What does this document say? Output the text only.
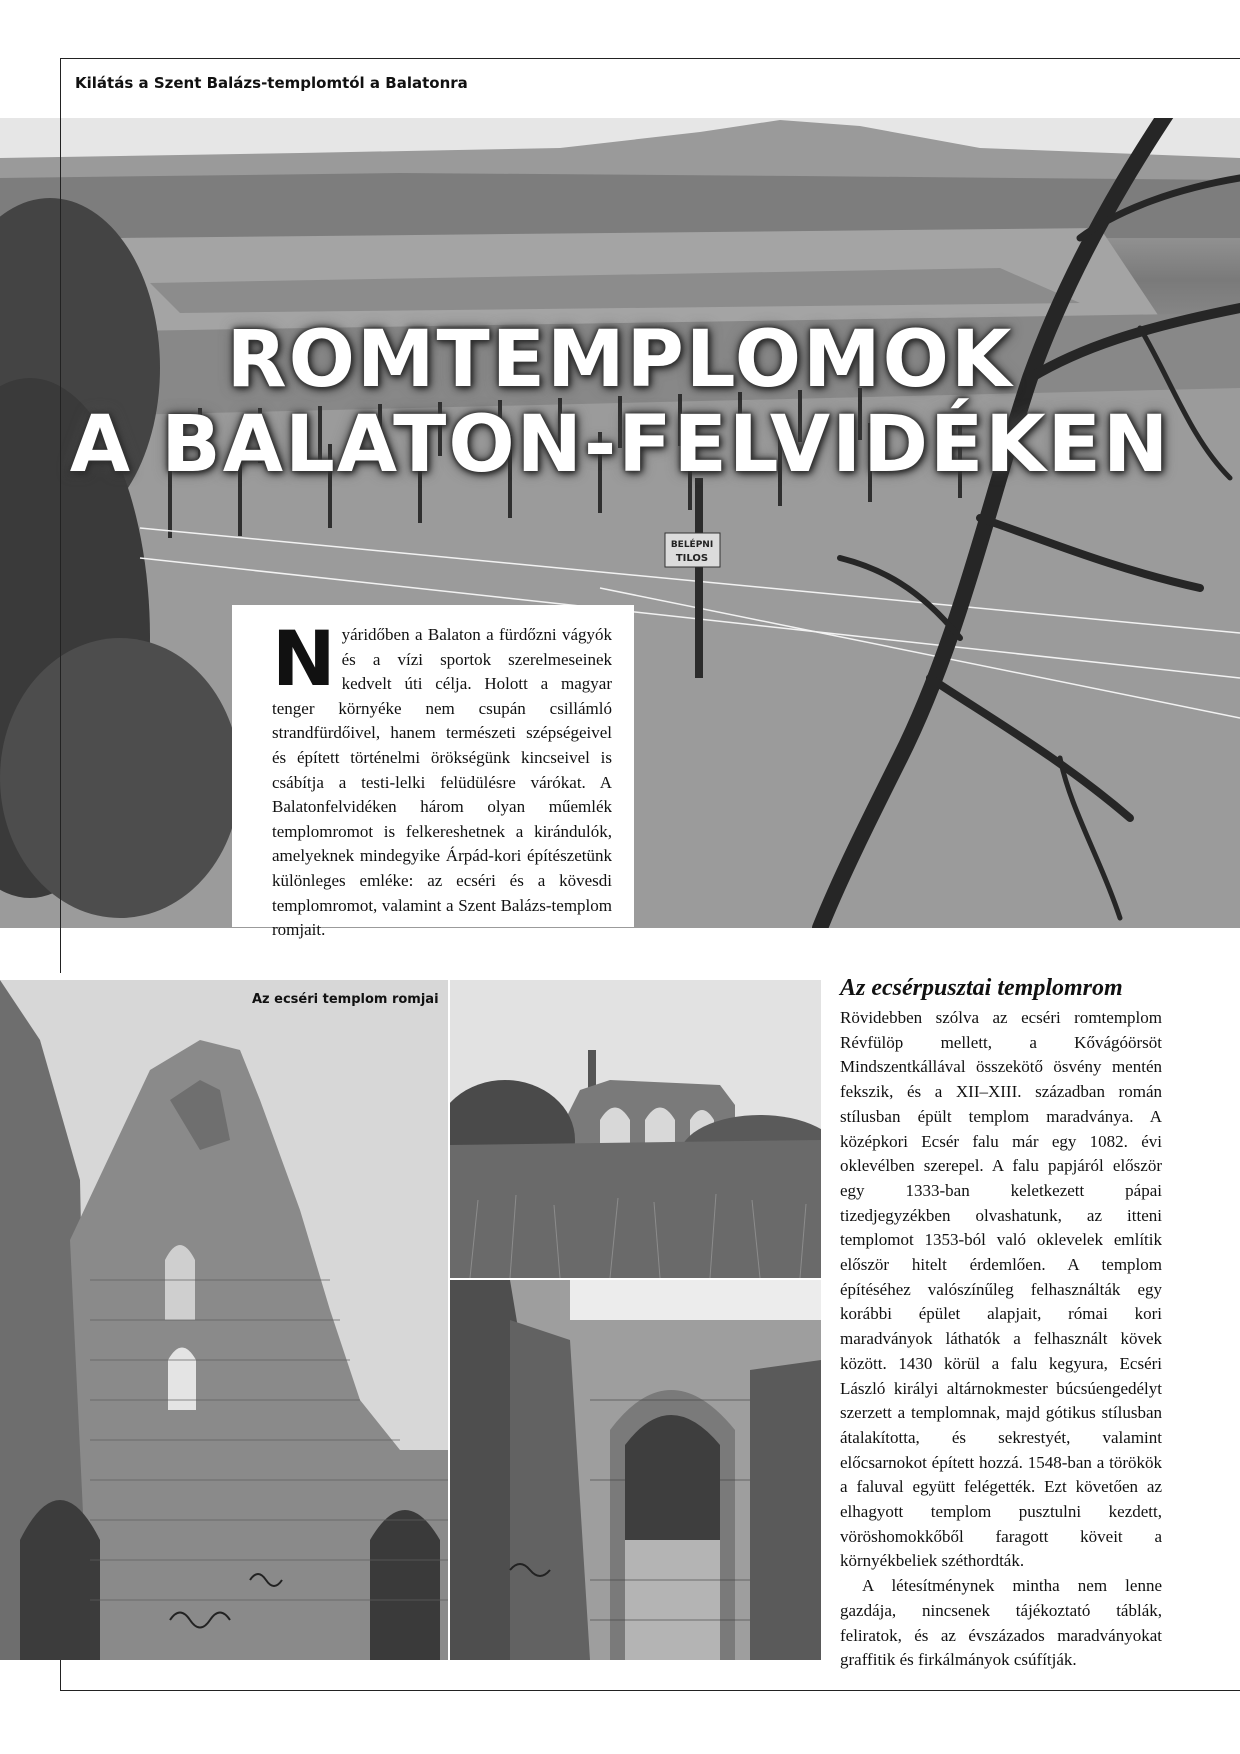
BELÉPNI
TILOS
Kilátás a Szent Balázs-templomtól a Balatonra
ROMTEMPLOMOK
A BALATON-FELVIDÉKEN
Nyáridőben a Balaton a fürdőzni vágyók és a vízi sportok szerelmeseinek kedvelt úti célja. Holott a magyar tenger környéke nem csupán csillámló strandfürdőivel, hanem természeti szépségeivel és épített történelmi örökségünk kincseivel is csábítja a testi-lelki felüdülésre várókat. A Balatonfelvidéken három olyan műemlék templomromot is felkereshetnek a kirándulók, amelyeknek mindegyike Árpád-kori építészetünk különleges emléke: az ecséri és a kövesdi templomromot, valamint a Szent Balázs-templom romjait.
Az ecséri templom romjai	Az ecsérpusztai templomrom

Rövidebben szólva az ecséri romtemplom Révfülöp mellett, a Kővágóörsöt Mindszentkállával összekötő ösvény mentén fekszik, és a XII–XIII. században román stílusban épült templom maradványa. A középkori Ecsér falu már egy 1082. évi oklevélben szerepel. A falu papjáról először egy 1333-ban keletkezett pápai tizedjegyzékben olvashatunk, az itteni templomot 1353-ból való oklevelek említik először hitelt érdemlően. A templom építéséhez valószínűleg felhasználták egy korábbi épület alapjait, római kori maradványok láthatók a felhasznált kövek között. 1430 körül a falu kegyura, Ecséri László királyi altárnokmester búcsúengedélyt szerzett a templomnak, majd gótikus stílusban átalakította, és sekrestyét, valamint előcsarnokot épített hozzá. 1548-ban a törökök a faluval együtt felégették. Ezt követően az elhagyott templom pusztulni kezdett, vöröshomokkőből faragott köveit a környékbeliek széthordták.

A létesítménynek mintha nem lenne gazdája, nincsenek tájékoztató táblák, feliratok, és az évszázados maradványokat graffitik és firkálmányok csúfítják.
